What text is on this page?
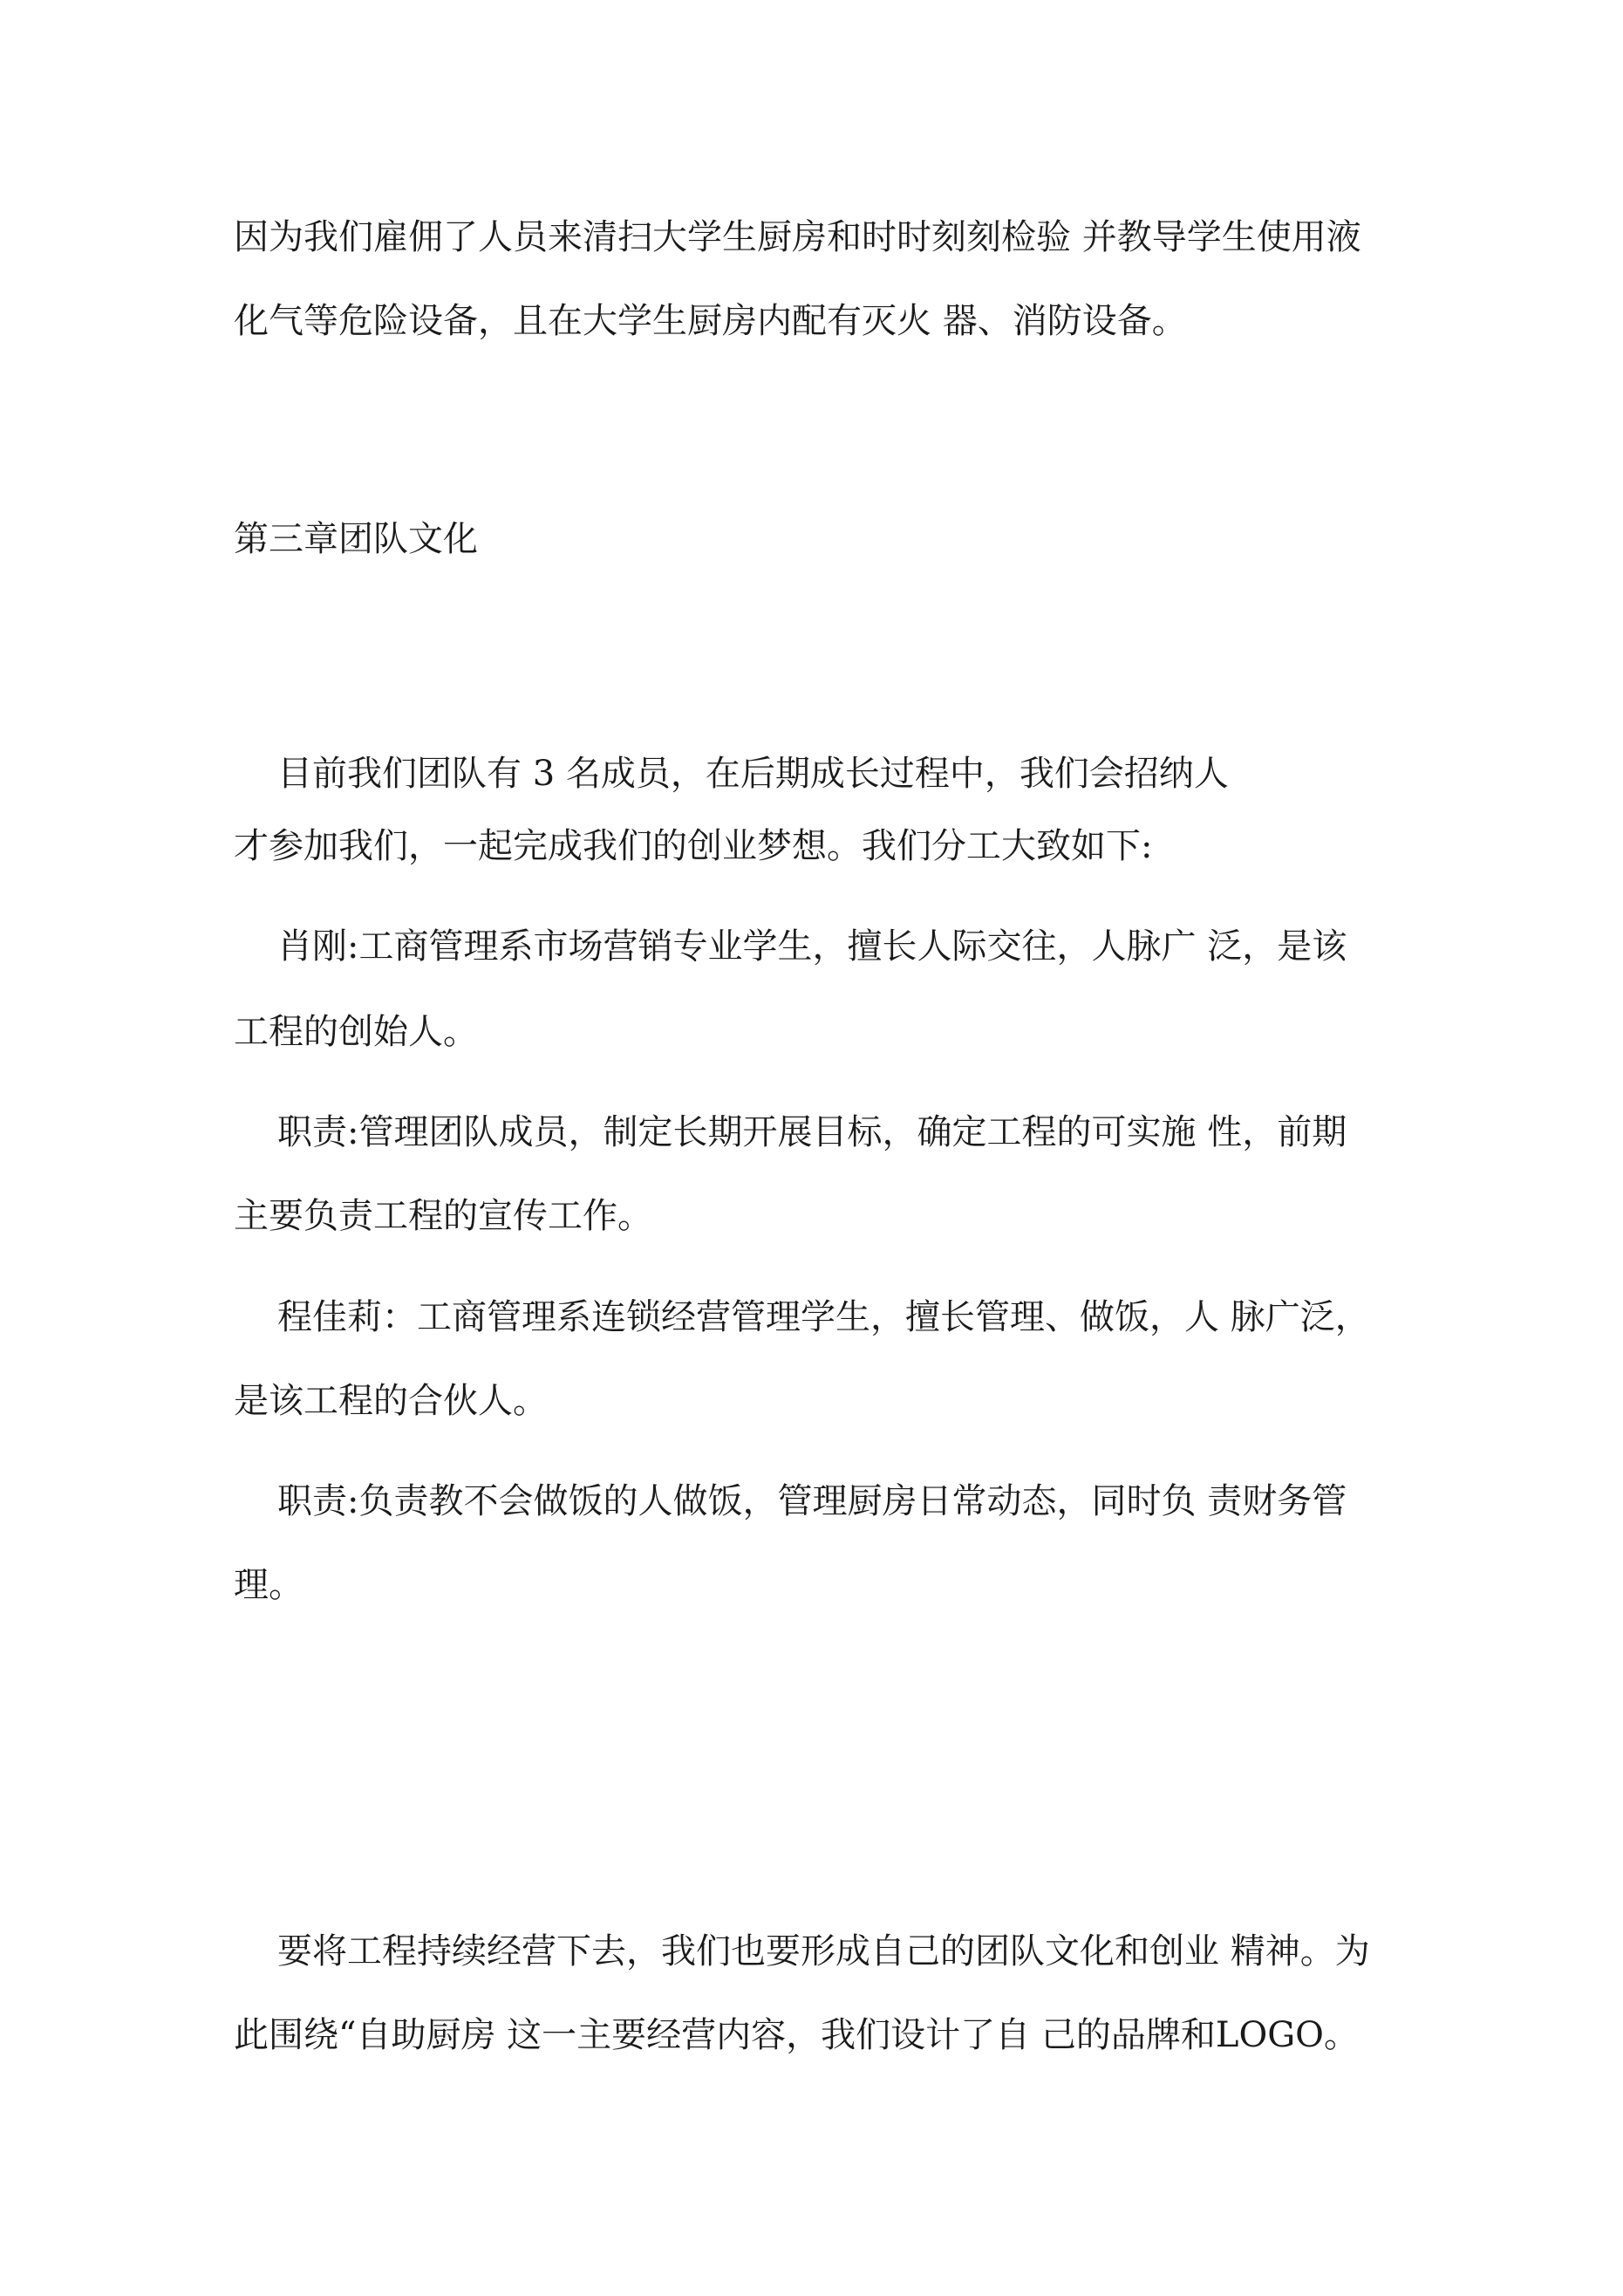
因为我们雇佣了人员来清扫大学生厨房和时时刻刻检验 并教导学生使用液

化气等危险设备，且在大学生厨房内配有灭火 器、消防设备。

第三章团队文化

目前我们团队有 3 名成员，在后期成长过程中，我们会招纳人

才参加我们，一起完成我们的创业梦想。我们分工大致如下:

肖刚:工商管理系市场营销专业学生，擅长人际交往，人脉广 泛，是该

工程的创始人。

职责:管理团队成员，制定长期开展目标，确定工程的可实施 性，前期

主要负责工程的宣传工作。

程佳莉：工商管理系连锁经营管理学生，擅长管理、做饭，人 脉广泛，

是该工程的合伙人。

职责:负责教不会做饭的人做饭，管理厨房日常动态，同时负 责财务管

理。

要将工程持续经营下去，我们也要形成自己的团队文化和创业 精神。为

此围绕“自助厨房 这一主要经营内容，我们设计了自 己的品牌和LOGO。
